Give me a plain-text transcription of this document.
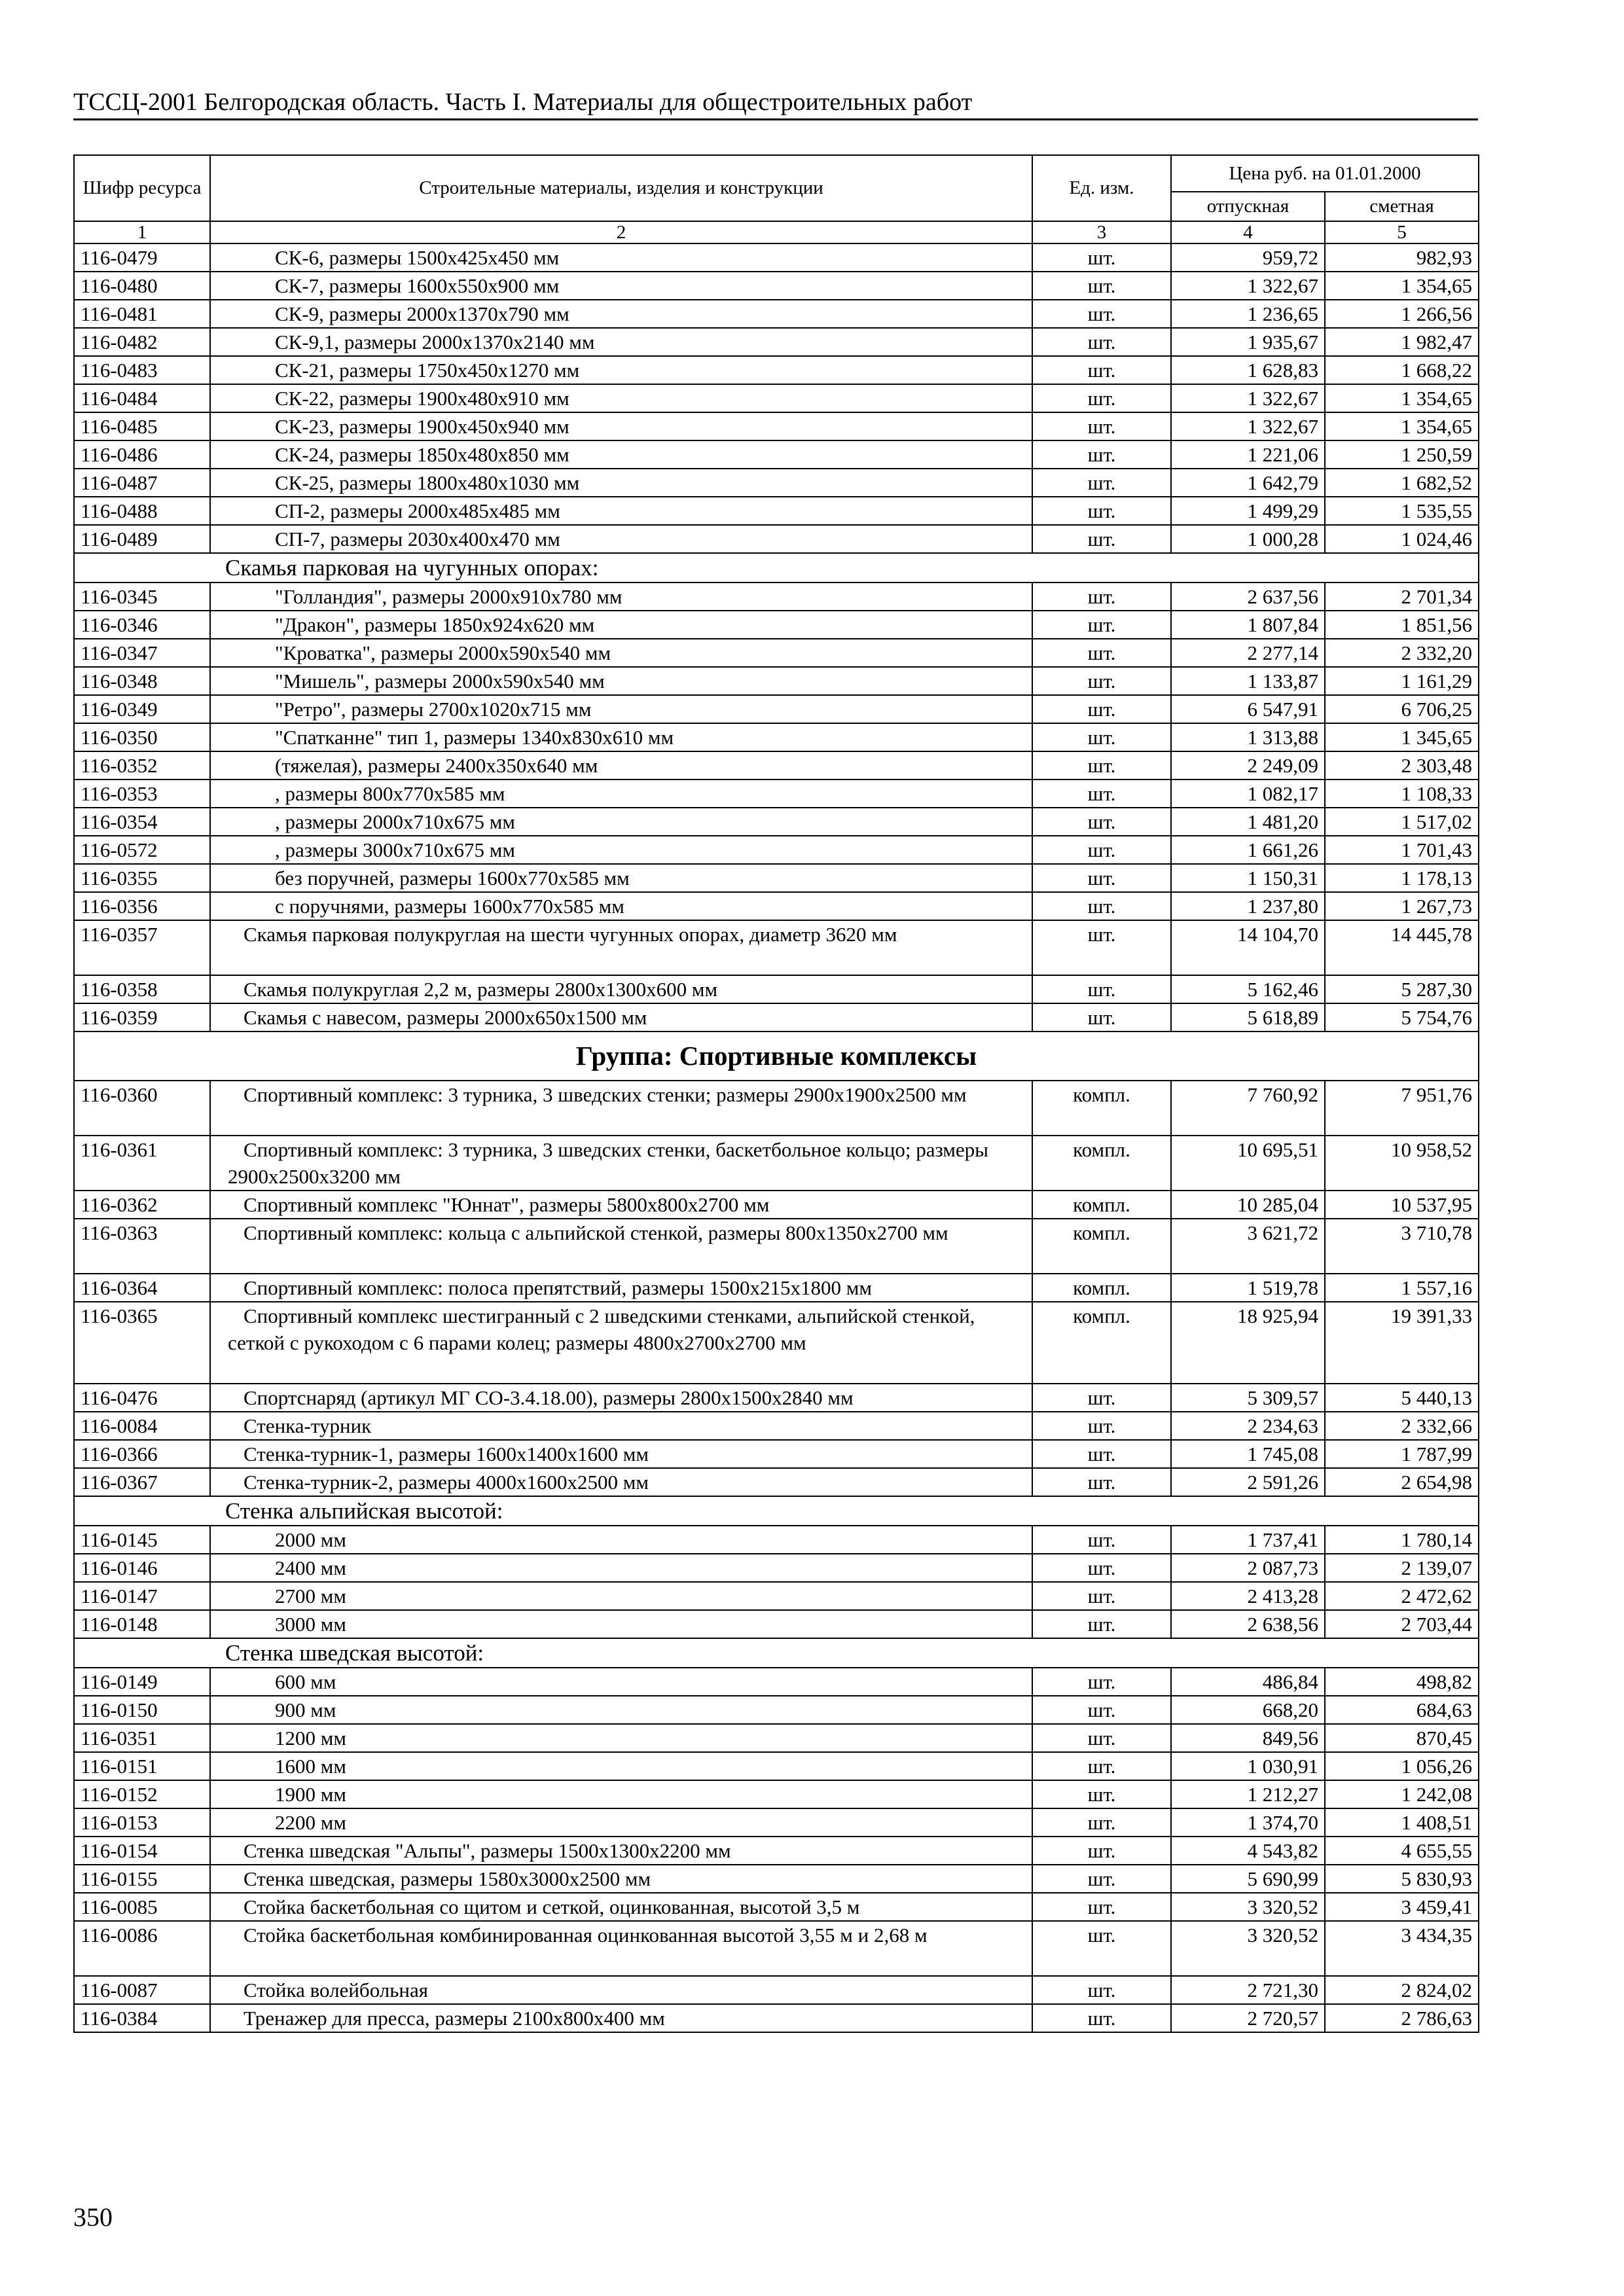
ТССЦ-2001 Белгородская область. Часть I. Материалы для общестроительных работ
Шифр ресурса	Строительные материалы, изделия и конструкции	Ед. изм.	Цена руб. на 01.01.2000	
			отпускная	сметная
1	2	3	4	5
116-0479	СК-6, размеры 1500х425х450 мм	шт.	959,72	982,93
116-0480	СК-7, размеры 1600х550х900 мм	шт.	1 322,67	1 354,65
116-0481	СК-9, размеры 2000х1370х790 мм	шт.	1 236,65	1 266,56
116-0482	СК-9,1, размеры 2000х1370х2140 мм	шт.	1 935,67	1 982,47
116-0483	СК-21, размеры 1750х450х1270 мм	шт.	1 628,83	1 668,22
116-0484	СК-22, размеры 1900х480х910 мм	шт.	1 322,67	1 354,65
116-0485	СК-23, размеры 1900х450х940 мм	шт.	1 322,67	1 354,65
116-0486	СК-24, размеры 1850х480х850 мм	шт.	1 221,06	1 250,59
116-0487	СК-25, размеры 1800х480х1030 мм	шт.	1 642,79	1 682,52
116-0488	СП-2, размеры 2000х485х485 мм	шт.	1 499,29	1 535,55
116-0489	СП-7, размеры 2030х400х470 мм	шт.	1 000,28	1 024,46
Скамья парковая на чугунных опорах:				
116-0345	"Голландия", размеры 2000х910х780 мм	шт.	2 637,56	2 701,34
116-0346	"Дракон", размеры 1850х924х620 мм	шт.	1 807,84	1 851,56
116-0347	"Кроватка", размеры 2000х590х540 мм	шт.	2 277,14	2 332,20
116-0348	"Мишель", размеры 2000х590х540 мм	шт.	1 133,87	1 161,29
116-0349	"Ретро", размеры 2700х1020х715 мм	шт.	6 547,91	6 706,25
116-0350	"Спатканне" тип 1, размеры 1340х830х610 мм	шт.	1 313,88	1 345,65
116-0352	(тяжелая), размеры 2400х350х640 мм	шт.	2 249,09	2 303,48
116-0353	, размеры 800х770х585 мм	шт.	1 082,17	1 108,33
116-0354	, размеры 2000х710х675 мм	шт.	1 481,20	1 517,02
116-0572	, размеры 3000х710х675 мм	шт.	1 661,26	1 701,43
116-0355	без поручней, размеры 1600х770х585 мм	шт.	1 150,31	1 178,13
116-0356	с поручнями, размеры 1600х770х585 мм	шт.	1 237,80	1 267,73
116-0357	Скамья парковая полукруглая на шести чугунных опорах, диаметр 3620 мм	шт.	14 104,70	14 445,78
116-0358	Скамья полукруглая 2,2 м, размеры 2800х1300х600 мм	шт.	5 162,46	5 287,30
116-0359	Скамья с навесом, размеры 2000х650х1500 мм	шт.	5 618,89	5 754,76
Группа: Спортивные комплексы				
116-0360	Спортивный комплекс: 3 турника, 3 шведских стенки; размеры 2900х1900х2500 мм	компл.	7 760,92	7 951,76
116-0361	Спортивный комплекс: 3 турника, 3 шведских стенки, баскетбольное кольцо; размеры 2900х2500х3200 мм	компл.	10 695,51	10 958,52
116-0362	Спортивный комплекс "Юннат", размеры 5800х800х2700 мм	компл.	10 285,04	10 537,95
116-0363	Спортивный комплекс: кольца с альпийской стенкой, размеры 800х1350х2700 мм	компл.	3 621,72	3 710,78
116-0364	Спортивный комплекс: полоса препятствий, размеры 1500х215х1800 мм	компл.	1 519,78	1 557,16
116-0365	Спортивный комплекс шестигранный с 2 шведскими стенками, альпийской стенкой, сеткой с рукоходом с 6 парами колец; размеры 4800х2700х2700 мм	компл.	18 925,94	19 391,33
116-0476	Спортснаряд (артикул МГ СО-3.4.18.00), размеры 2800х1500х2840 мм	шт.	5 309,57	5 440,13
116-0084	Стенка-турник	шт.	2 234,63	2 332,66
116-0366	Стенка-турник-1, размеры 1600х1400х1600 мм	шт.	1 745,08	1 787,99
116-0367	Стенка-турник-2, размеры 4000х1600х2500 мм	шт.	2 591,26	2 654,98
Стенка альпийская высотой:				
116-0145	2000 мм	шт.	1 737,41	1 780,14
116-0146	2400 мм	шт.	2 087,73	2 139,07
116-0147	2700 мм	шт.	2 413,28	2 472,62
116-0148	3000 мм	шт.	2 638,56	2 703,44
Стенка шведская высотой:				
116-0149	600 мм	шт.	486,84	498,82
116-0150	900 мм	шт.	668,20	684,63
116-0351	1200 мм	шт.	849,56	870,45
116-0151	1600 мм	шт.	1 030,91	1 056,26
116-0152	1900 мм	шт.	1 212,27	1 242,08
116-0153	2200 мм	шт.	1 374,70	1 408,51
116-0154	Стенка шведская "Альпы", размеры 1500х1300х2200 мм	шт.	4 543,82	4 655,55
116-0155	Стенка шведская, размеры 1580х3000х2500 мм	шт.	5 690,99	5 830,93
116-0085	Стойка баскетбольная со щитом и сеткой, оцинкованная, высотой 3,5 м	шт.	3 320,52	3 459,41
116-0086	Стойка баскетбольная комбинированная оцинкованная высотой 3,55 м и 2,68 м	шт.	3 320,52	3 434,35
116-0087	Стойка волейбольная	шт.	2 721,30	2 824,02
116-0384	Тренажер для пресса, размеры 2100х800х400 мм	шт.	2 720,57	2 786,63
350
